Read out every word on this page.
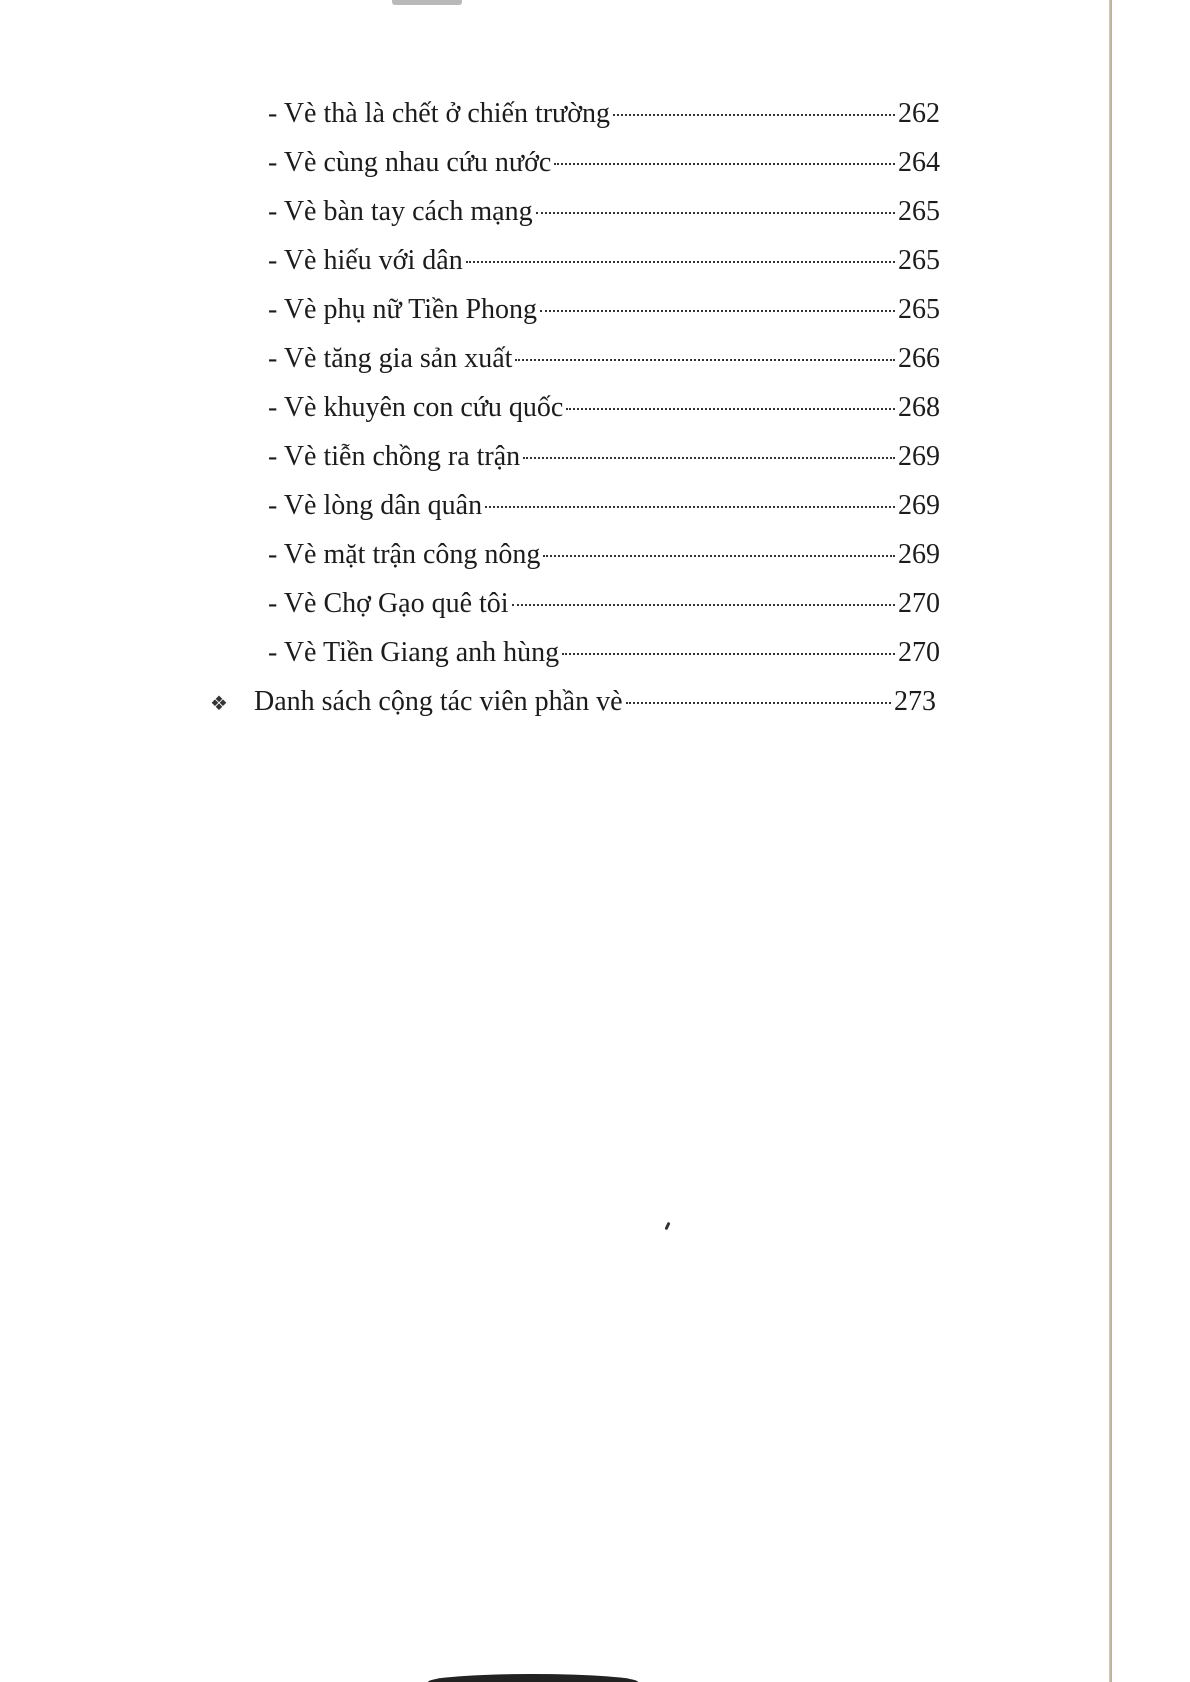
- Vè thà là chết ở chiến trường	262
- Vè cùng nhau cứu nước	264
- Vè bàn tay cách mạng	265
- Vè hiếu với dân	265
- Vè phụ nữ Tiền Phong	265
- Vè tăng gia sản xuất	266
- Vè khuyên con cứu quốc	268
- Vè tiễn chồng ra trận	269
- Vè lòng dân quân	269
- Vè mặt trận công nông	269
- Vè Chợ Gạo quê tôi	270
- Vè Tiền Giang anh hùng	270
❖ Danh sách cộng tác viên phần vè	273
